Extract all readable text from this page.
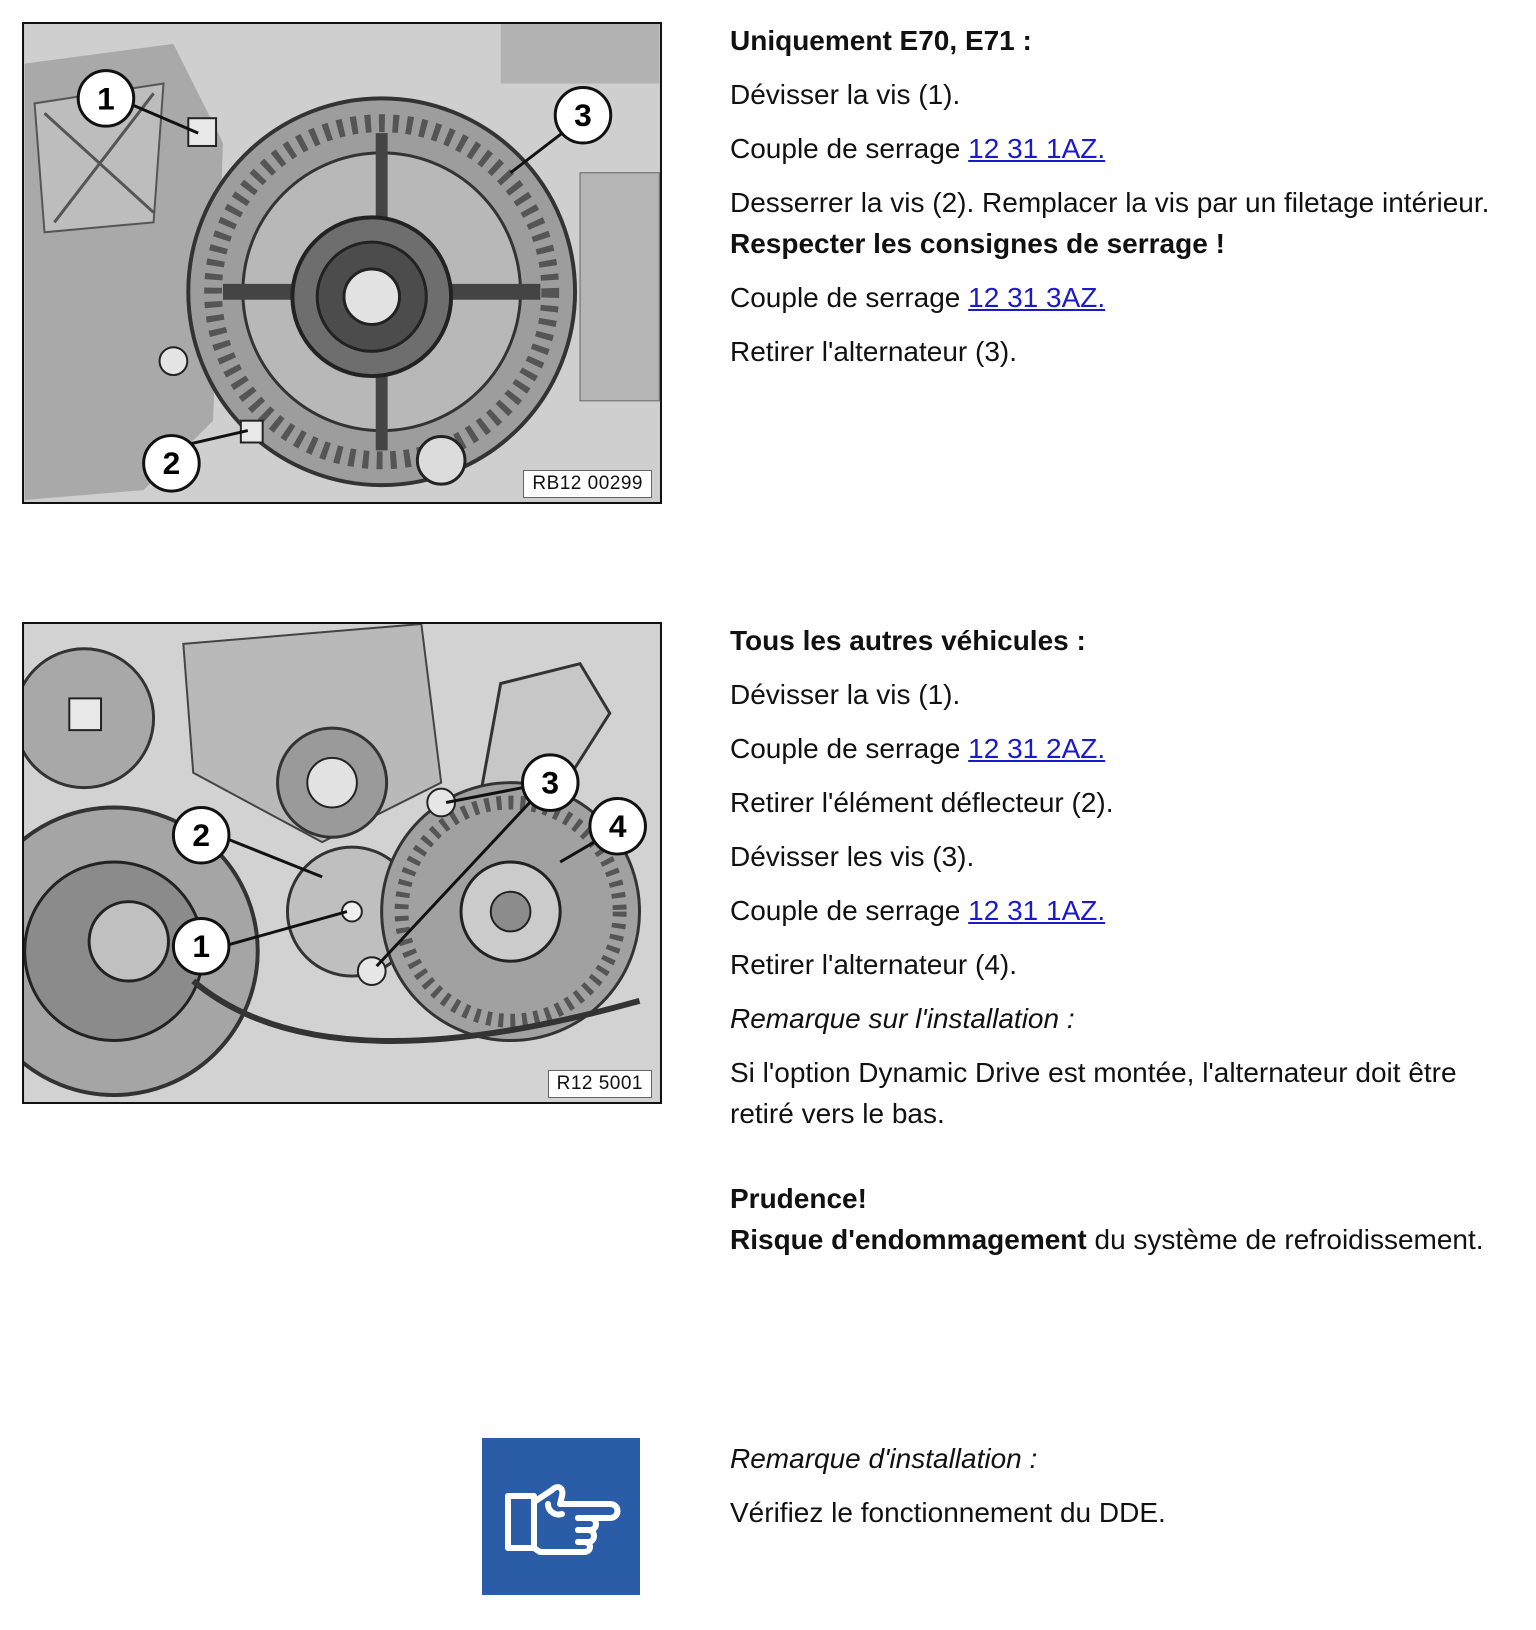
1
2
3
RB12 00299

Uniquement E70, E71 :

Dévisser la vis (1).

Couple de serrage 12 31 1AZ.

Desserrer la vis (2). Remplacer la vis par un filetage intérieur. Respecter les consignes de serrage !

Couple de serrage 12 31 3AZ.

Retirer l'alternateur (3).

1
2
3
4
R12 5001

Tous les autres véhicules :

Dévisser la vis (1).

Couple de serrage 12 31 2AZ.

Retirer l'élément déflecteur (2).

Dévisser les vis (3).

Couple de serrage 12 31 1AZ.

Retirer l'alternateur (4).

Remarque sur l'installation :

Si l'option Dynamic Drive est montée, l'alternateur doit être retiré vers le bas.

Prudence!

Risque d'endommagement du système de refroidissement.

Remarque d'installation :

Vérifiez le fonctionnement du DDE.
